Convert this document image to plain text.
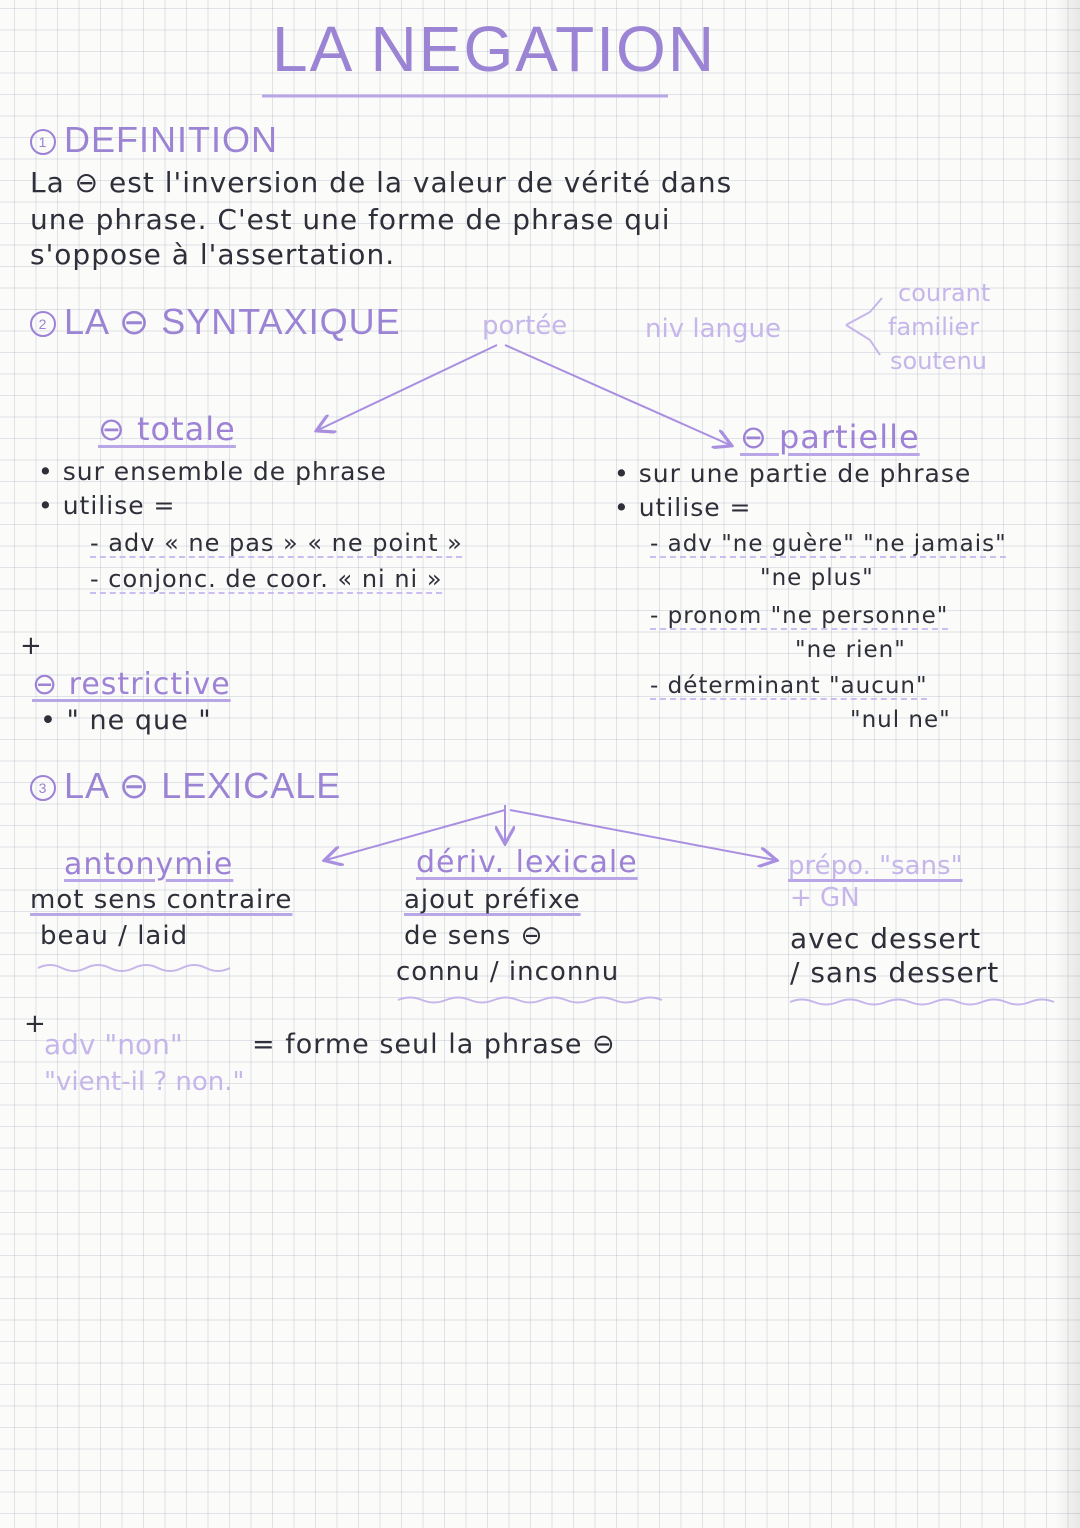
LA NEGATION
1 DEFINITION
La ⊖ est l'inversion de la valeur de vérité dans
une phrase. C'est une forme de phrase qui
s'oppose à l'assertation.
2 LA ⊖ SYNTAXIQUE	portée	niv langue
courant
familier
soutenu
⊖ totale
• sur ensemble de phrase
• utilise =
- adv « ne pas » « ne point »
- conjonc. de coor. « ni ni »
⊖ partielle
• sur une partie de phrase
• utilise =
- adv "ne guère" "ne jamais"
"ne plus"
- pronom "ne personne"
"ne rien"
- déterminant "aucun"
"nul ne"
+
⊖ restrictive
• " ne que "
3 LA ⊖ LEXICALE
antonymie
mot sens contraire
beau / laid
dériv. lexicale
ajout préfixe
de sens ⊖
connu / inconnu
prépo. "sans"
+ GN
avec dessert
/ sans dessert
+
adv "non"	= forme seul la phrase ⊖
"vient-il ? non."
